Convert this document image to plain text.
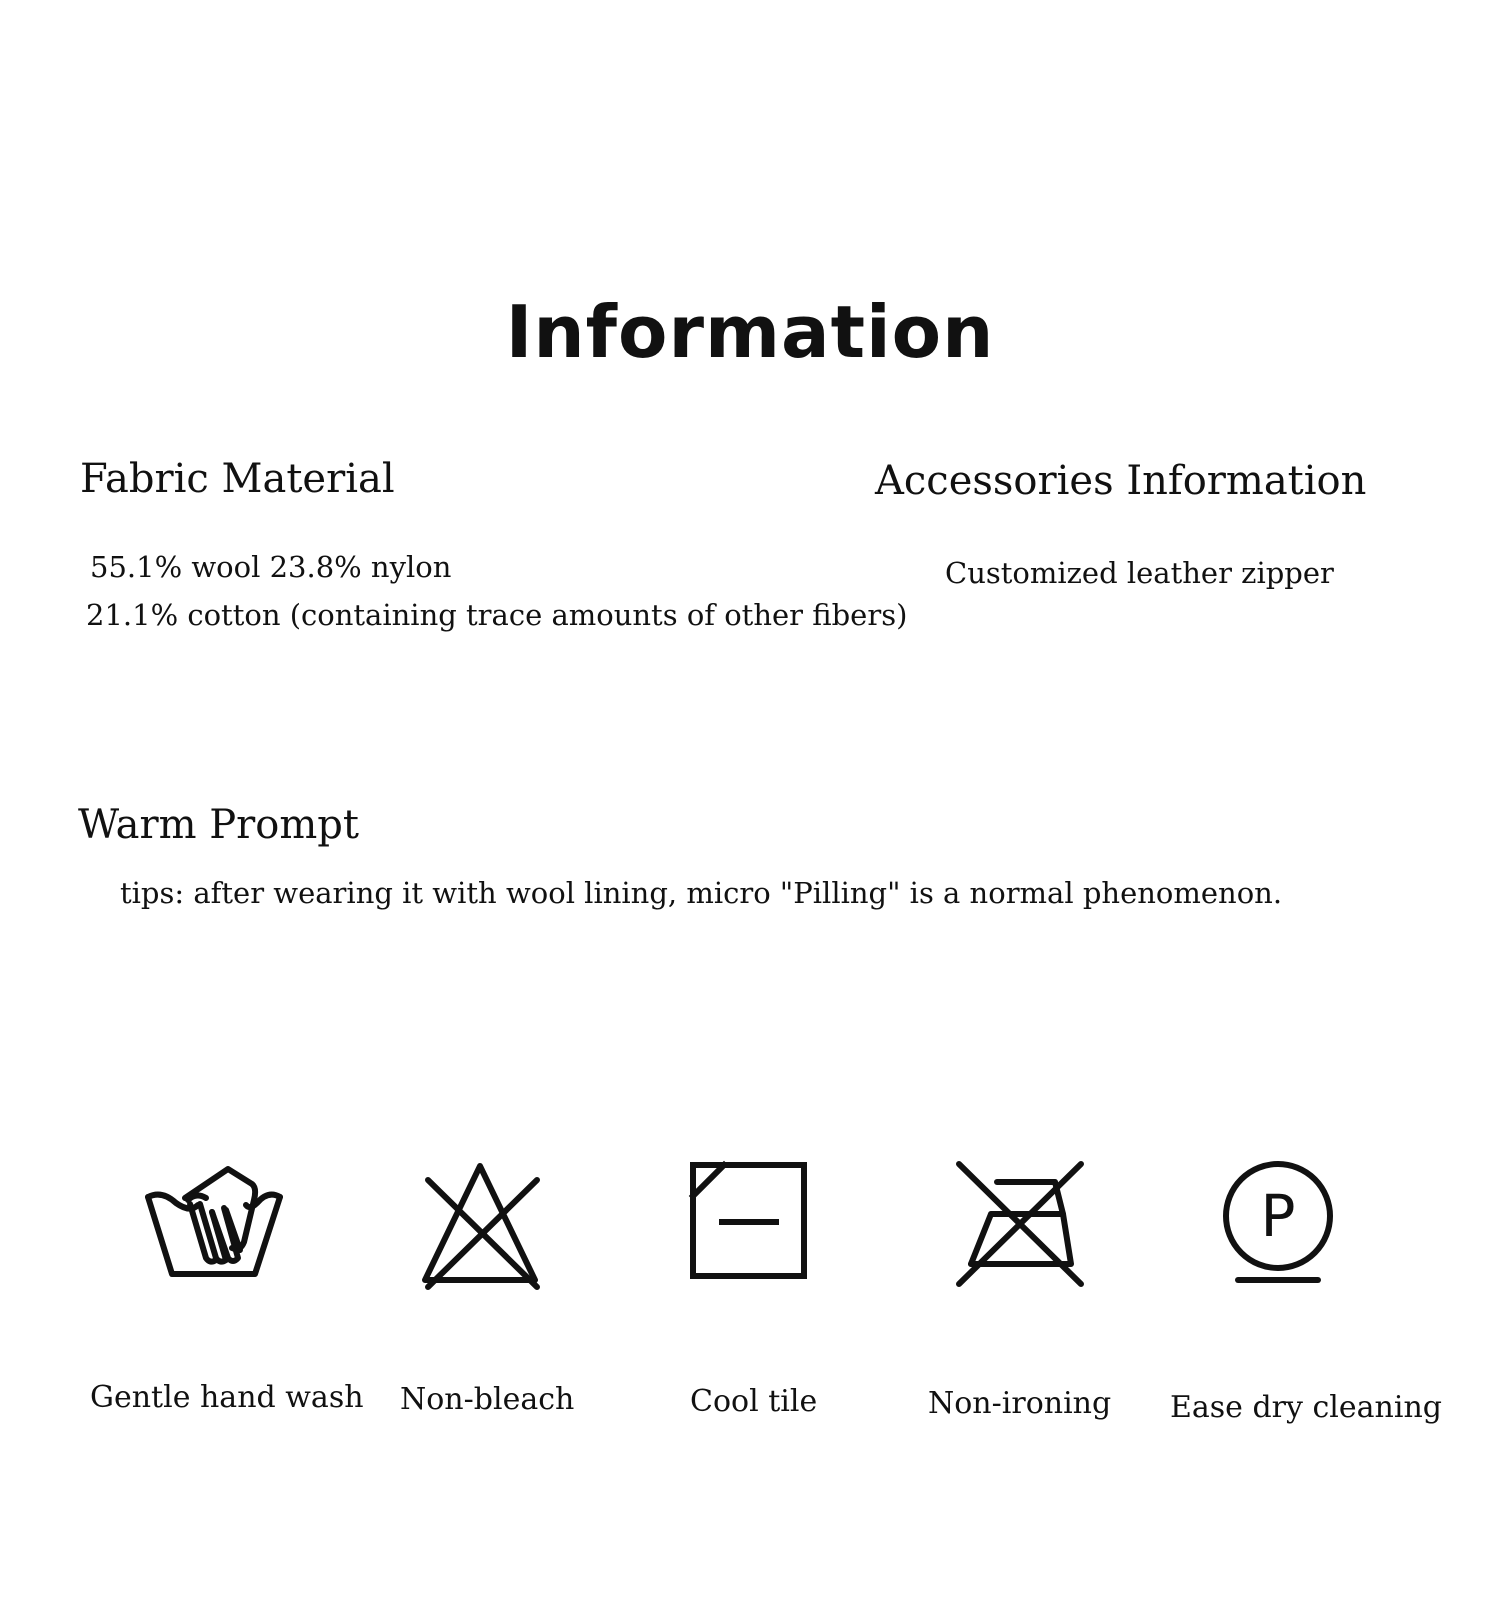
Information
Fabric Material

55.1% wool 23.8% nylon

21.1% cotton (containing trace amounts of other fibers)

Accessories Information

Customized leather zipper

Warm Prompt

tips: after wearing it with wool lining, micro "Pilling" is a normal phenomenon.

P
Gentle hand wash Non-bleach	Cool tile	Non-ironing Ease dry cleaning
